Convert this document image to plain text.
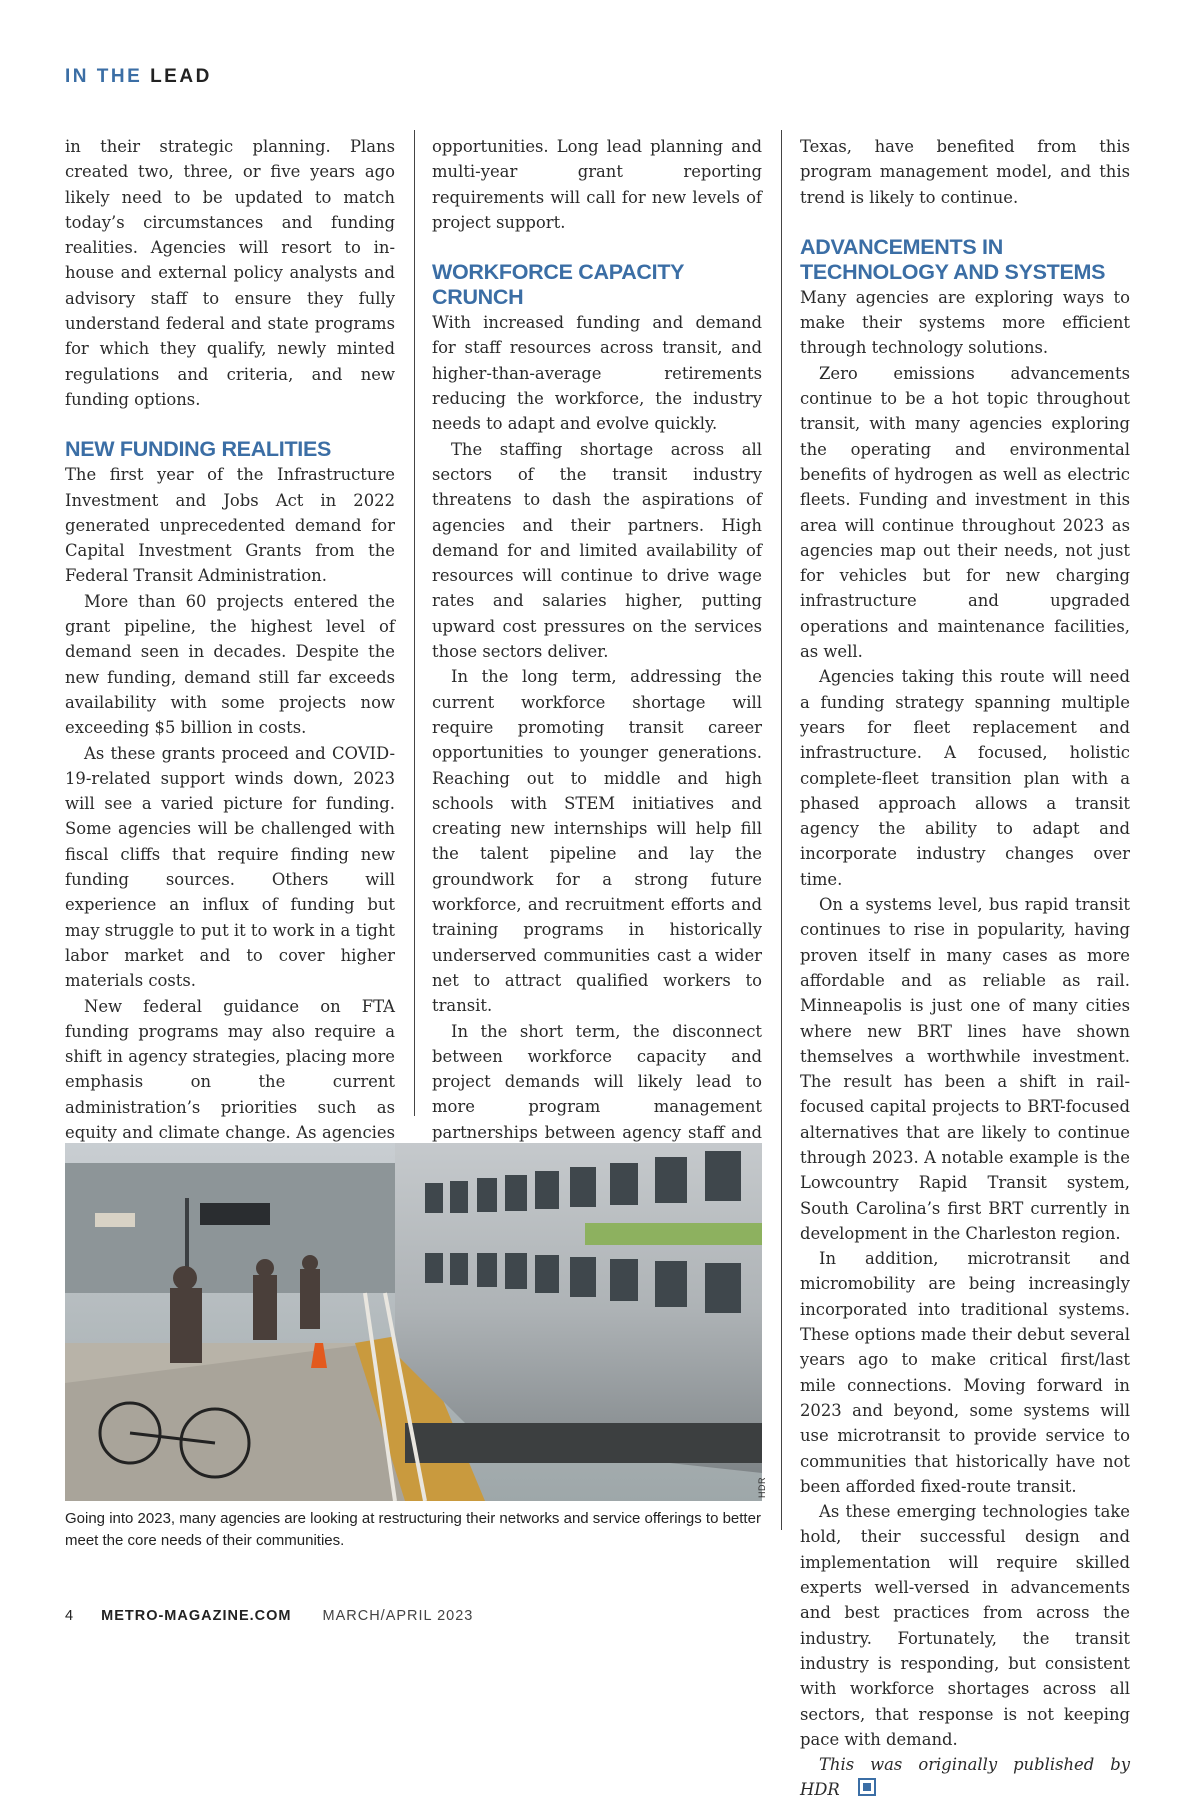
IN THE LEAD

in their strategic planning. Plans created two, three, or five years ago likely need to be updated to match today’s circumstances and funding realities. Agencies will resort to in-house and external policy analysts and advisory staff to ensure they fully understand federal and state programs for which they qualify, newly minted regulations and criteria, and new funding options.

NEW FUNDING REALITIES

The first year of the Infrastructure Investment and Jobs Act in 2022 generated unprecedented demand for Capital Investment Grants from the Federal Transit Administration.

More than 60 projects entered the grant pipeline, the highest level of demand seen in decades. Despite the new funding, demand still far exceeds availability with some projects now exceeding $5 billion in costs.

As these grants proceed and COVID-19-related support winds down, 2023 will see a varied picture for funding. Some agencies will be challenged with fiscal cliffs that require finding new funding sources. Others will experience an influx of funding but may struggle to put it to work in a tight labor market and to cover higher materials costs.

New federal guidance on FTA funding programs may also require a shift in agency strategies, placing more emphasis on the current administration’s priorities such as equity and climate change. As agencies

opportunities. Long lead planning and multi-year grant reporting requirements will call for new levels of project support.

WORKFORCE CAPACITY CRUNCH

With increased funding and demand for staff resources across transit, and higher-than-average retirements reducing the workforce, the industry needs to adapt and evolve quickly.

The staffing shortage across all sectors of the transit industry threatens to dash the aspirations of agencies and their partners. High demand for and limited availability of resources will continue to drive wage rates and salaries higher, putting upward cost pressures on the services those sectors deliver.

In the long term, addressing the current workforce shortage will require promoting transit career opportunities to younger generations. Reaching out to middle and high schools with STEM initiatives and creating new internships will help fill the talent pipeline and lay the groundwork for a strong future workforce, and recruitment efforts and training programs in historically underserved communities cast a wider net to attract qualified workers to transit.

In the short term, the disconnect between workforce capacity and project demands will likely lead to more program management partnerships between agency staff and

Texas, have benefited from this program management model, and this trend is likely to continue.

ADVANCEMENTS IN TECHNOLOGY AND SYSTEMS

Many agencies are exploring ways to make their systems more efficient through technology solutions.

Zero emissions advancements continue to be a hot topic throughout transit, with many agencies exploring the operating and environmental benefits of hydrogen as well as electric fleets. Funding and investment in this area will continue throughout 2023 as agencies map out their needs, not just for vehicles but for new charging infrastructure and upgraded operations and maintenance facilities, as well.

Agencies taking this route will need a funding strategy spanning multiple years for fleet replacement and infrastructure. A focused, holistic complete-fleet transition plan with a phased approach allows a transit agency the ability to adapt and incorporate industry changes over time.

On a systems level, bus rapid transit continues to rise in popularity, having proven itself in many cases as more affordable and as reliable as rail. Minneapolis is just one of many cities where new BRT lines have shown themselves a worthwhile investment. The result has been a shift in rail-focused capital projects to BRT-focused alternatives that are likely to continue through 2023. A notable example is the Lowcountry Rapid Transit system, South Carolina’s first BRT currently in development in the Charleston region.

In addition, microtransit and micromobility are being increasingly incorporated into traditional systems. These options made their debut several years ago to make critical first/last mile connections. Moving forward in 2023 and beyond, some systems will use microtransit to provide service to communities that historically have not been afforded fixed-route transit.

As these emerging technologies take hold, their successful design and implementation will require skilled experts well-versed in advancements and best practices from across the industry. Fortunately, the transit industry is responding, but consistent with workforce shortages across all sectors, that response is not keeping pace with demand.

This was originally published by HDR

HDR
Going into 2023, many agencies are looking at restructuring their networks and service offerings to better meet the core needs of their communities.
4 METRO-MAGAZINE.COM MARCH/APRIL 2023
